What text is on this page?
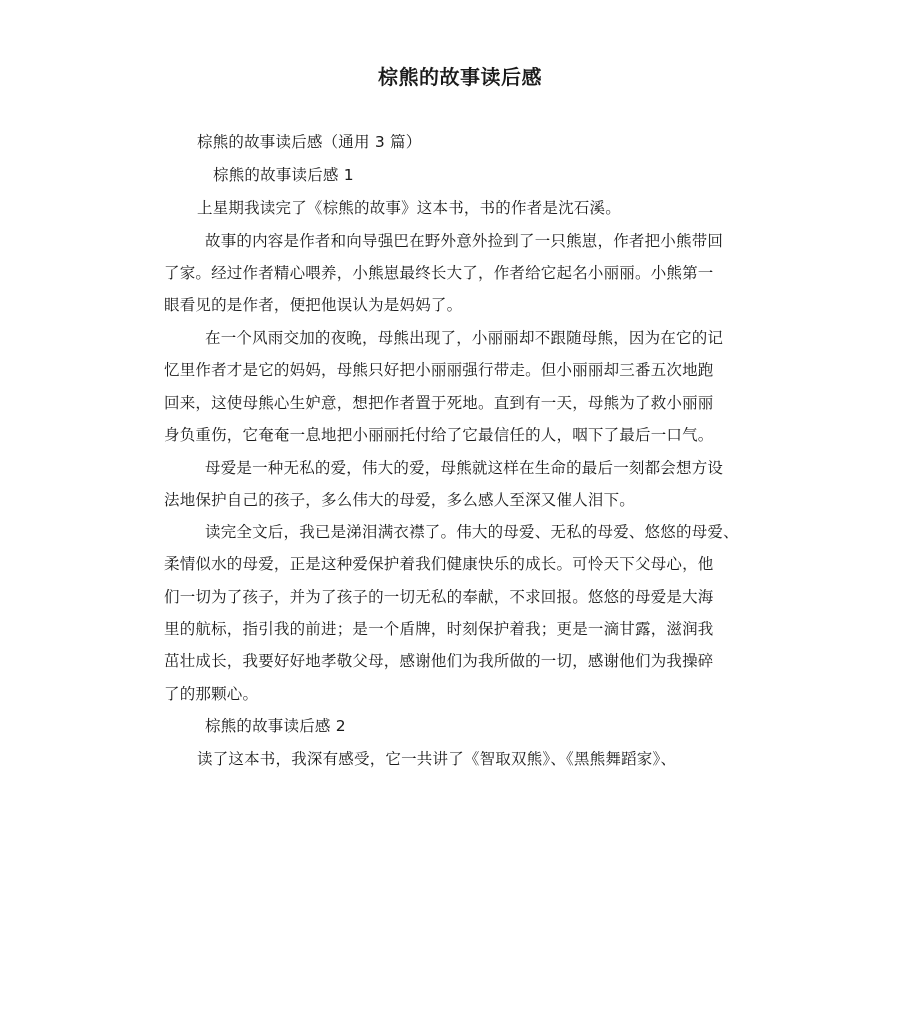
棕熊的故事读后感
棕熊的故事读后感（通用 3 篇）
棕熊的故事读后感 1
上星期我读完了《棕熊的故事》这本书，书的作者是沈石溪。
故事的内容是作者和向导强巴在野外意外捡到了一只熊崽，作者把小熊带回
了家。经过作者精心喂养，小熊崽最终长大了，作者给它起名小丽丽。小熊第一
眼看见的是作者，便把他误认为是妈妈了。
在一个风雨交加的夜晚，母熊出现了，小丽丽却不跟随母熊，因为在它的记
忆里作者才是它的妈妈，母熊只好把小丽丽强行带走。但小丽丽却三番五次地跑
回来，这使母熊心生妒意，想把作者置于死地。直到有一天，母熊为了救小丽丽
身负重伤，它奄奄一息地把小丽丽托付给了它最信任的人，咽下了最后一口气。
母爱是一种无私的爱，伟大的爱，母熊就这样在生命的最后一刻都会想方设
法地保护自己的孩子，多么伟大的母爱，多么感人至深又催人泪下。
读完全文后，我已是涕泪满衣襟了。伟大的母爱、无私的母爱、悠悠的母爱、
柔情似水的母爱，正是这种爱保护着我们健康快乐的成长。可怜天下父母心，他
们一切为了孩子，并为了孩子的一切无私的奉献，不求回报。悠悠的母爱是大海
里的航标，指引我的前进；是一个盾牌，时刻保护着我；更是一滴甘露，滋润我
茁壮成长，我要好好地孝敬父母，感谢他们为我所做的一切，感谢他们为我操碎
了的那颗心。
棕熊的故事读后感 2
读了这本书，我深有感受，它一共讲了《智取双熊》、《黑熊舞蹈家》、
